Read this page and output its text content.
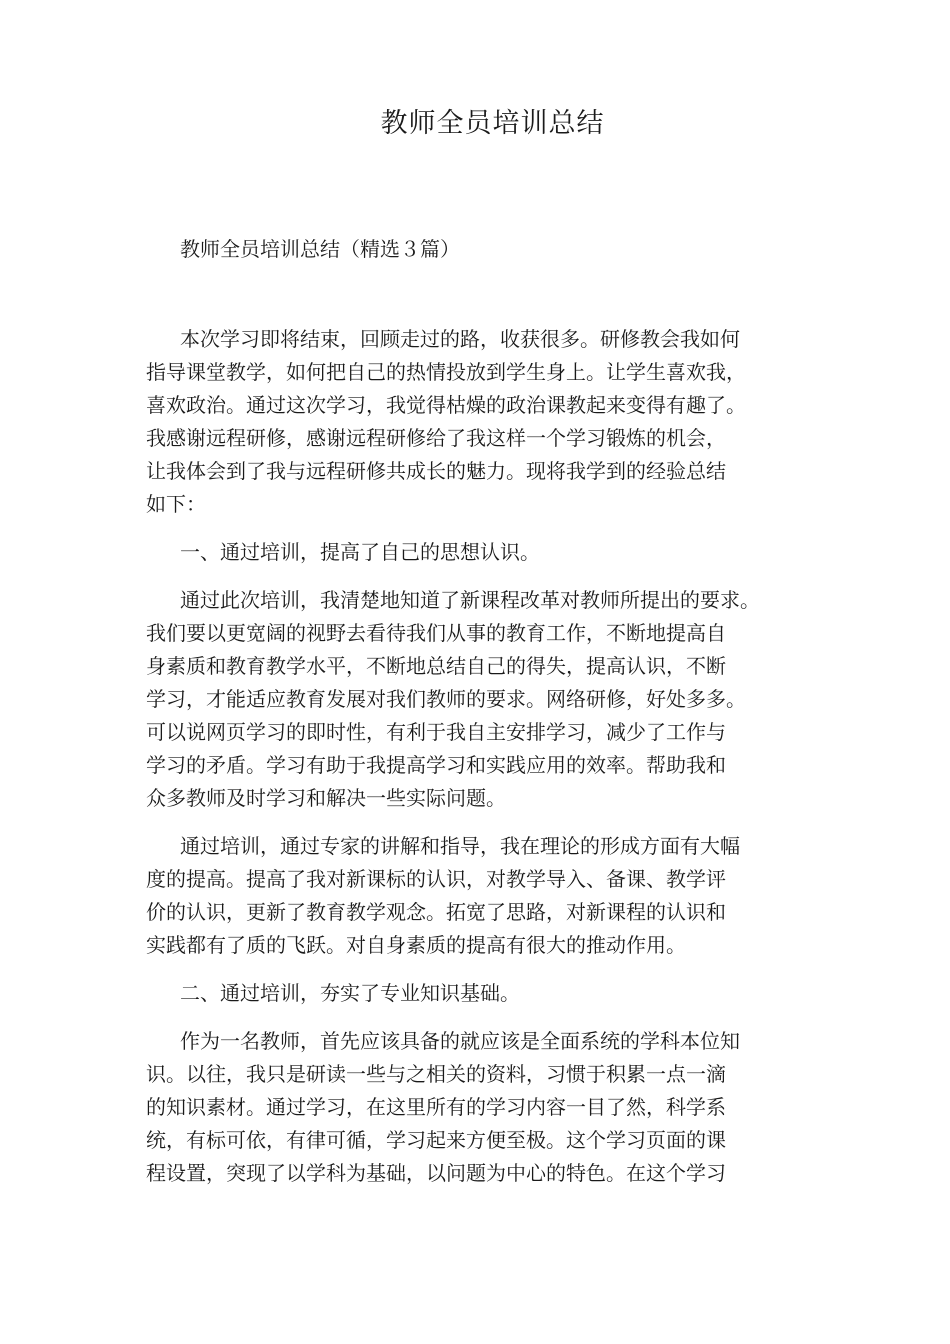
教师全员培训总结
教师全员培训总结（精选３篇）
本次学习即将结束，回顾走过的路，收获很多。研修教会我如何
指导课堂教学，如何把自己的热情投放到学生身上。让学生喜欢我，
喜欢政治。通过这次学习，我觉得枯燥的政治课教起来变得有趣了。
我感谢远程研修，感谢远程研修给了我这样一个学习锻炼的机会，
让我体会到了我与远程研修共成长的魅力。现将我学到的经验总结
如下：
一、通过培训，提高了自己的思想认识。
通过此次培训，我清楚地知道了新课程改革对教师所提出的要求。
我们要以更宽阔的视野去看待我们从事的教育工作，不断地提高自
身素质和教育教学水平，不断地总结自己的得失，提高认识，不断
学习，才能适应教育发展对我们教师的要求。网络研修，好处多多。
可以说网页学习的即时性，有利于我自主安排学习，减少了工作与
学习的矛盾。学习有助于我提高学习和实践应用的效率。帮助我和
众多教师及时学习和解决一些实际问题。
通过培训，通过专家的讲解和指导，我在理论的形成方面有大幅
度的提高。提高了我对新课标的认识，对教学导入、备课、教学评
价的认识，更新了教育教学观念。拓宽了思路，对新课程的认识和
实践都有了质的飞跃。对自身素质的提高有很大的推动作用。
二、通过培训，夯实了专业知识基础。
作为一名教师，首先应该具备的就应该是全面系统的学科本位知
识。以往，我只是研读一些与之相关的资料，习惯于积累一点一滴
的知识素材。通过学习，在这里所有的学习内容一目了然，科学系
统，有标可依，有律可循，学习起来方便至极。这个学习页面的课
程设置，突现了以学科为基础，以问题为中心的特色。在这个学习
